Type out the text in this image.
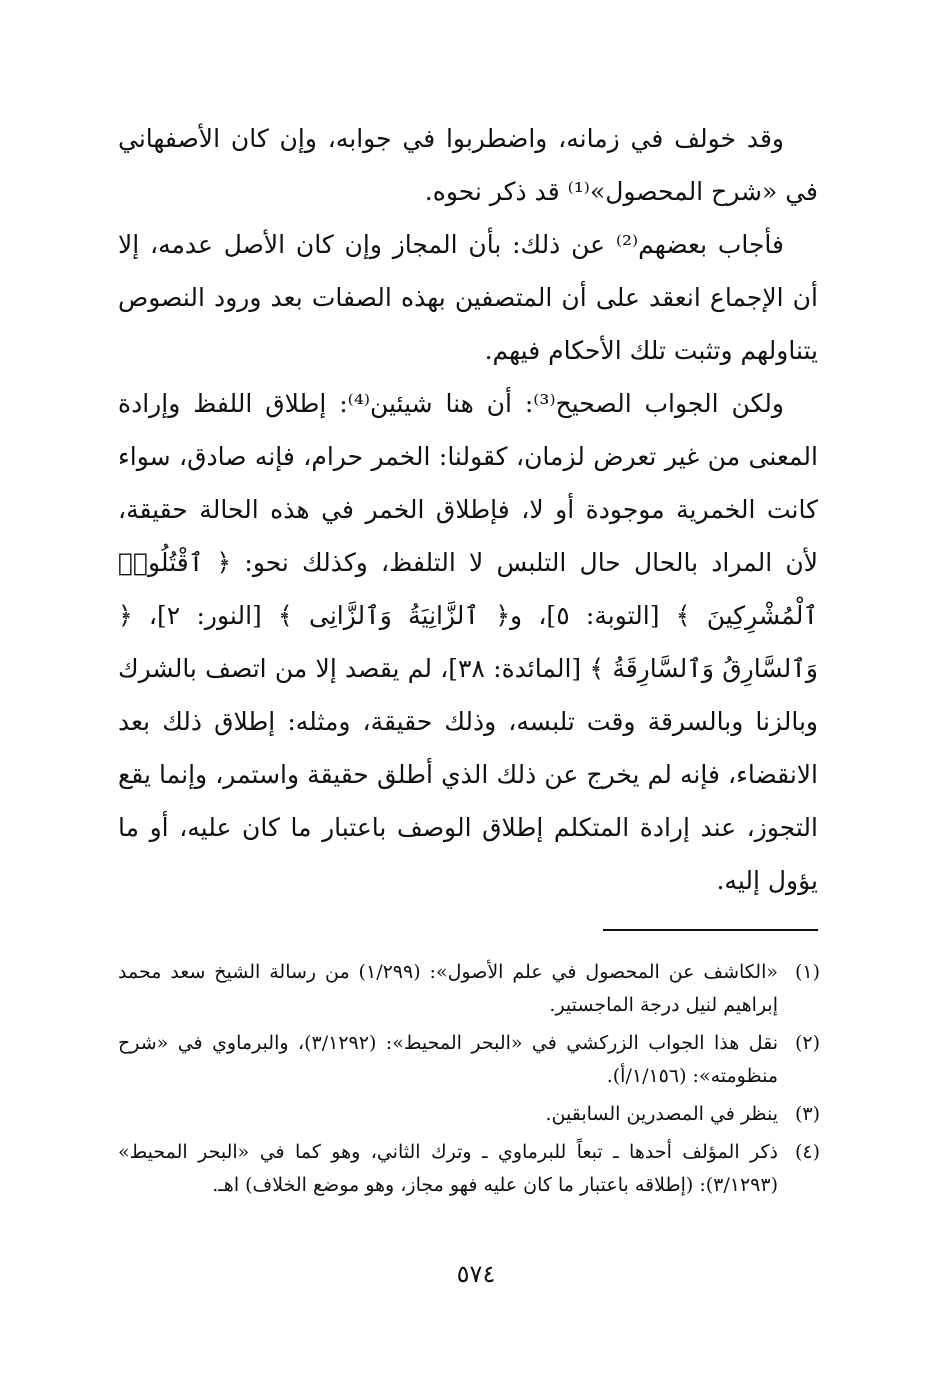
وقد خولف في زمانه، واضطربوا في جوابه، وإن كان الأصفهاني في «شرح المحصول»⁽¹⁾ قد ذكر نحوه.

فأجاب بعضهم⁽²⁾ عن ذلك: بأن المجاز وإن كان الأصل عدمه، إلا أن الإجماع انعقد على أن المتصفين بهذه الصفات بعد ورود النصوص يتناولهم وتثبت تلك الأحكام فيهم.

ولكن الجواب الصحيح⁽³⁾: أن هنا شيئين⁽⁴⁾: إطلاق اللفظ وإرادة المعنى من غير تعرض لزمان، كقولنا: الخمر حرام، فإنه صادق، سواء كانت الخمرية موجودة أو لا، فإطلاق الخمر في هذه الحالة حقيقة، لأن المراد بالحال حال التلبس لا التلفظ، وكذلك نحو: ﴿ ٱقْتُلُوا۟ ٱلْمُشْرِكِينَ ﴾ [التوبة: ٥]، و﴿ ٱلزَّانِيَةُ وَٱلزَّانِى ﴾ [النور: ٢]، ﴿ وَٱلسَّارِقُ وَٱلسَّارِقَةُ ﴾ [المائدة: ٣٨]، لم يقصد إلا من اتصف بالشرك وبالزنا وبالسرقة وقت تلبسه، وذلك حقيقة، ومثله: إطلاق ذلك بعد الانقضاء، فإنه لم يخرج عن ذلك الذي أطلق حقيقة واستمر، وإنما يقع التجوز، عند إرادة المتكلم إطلاق الوصف باعتبار ما كان عليه، أو ما يؤول إليه.

(١)
«الكاشف عن المحصول في علم الأصول»: (١/٢٩٩) من رسالة الشيخ سعد محمد إبراهيم لنيل درجة الماجستير.
(٢)
نقل هذا الجواب الزركشي في «البحر المحيط»: (٣/١٢٩٢)، والبرماوي في «شرح منظومته»: (١/١٥٦/أ).
(٣)
ينظر في المصدرين السابقين.
(٤)
ذكر المؤلف أحدها ـ تبعاً للبرماوي ـ وترك الثاني، وهو كما في «البحر المحيط» (٣/١٢٩٣): (إطلاقه باعتبار ما كان عليه فهو مجاز، وهو موضع الخلاف) اهـ.
٥٧٤
